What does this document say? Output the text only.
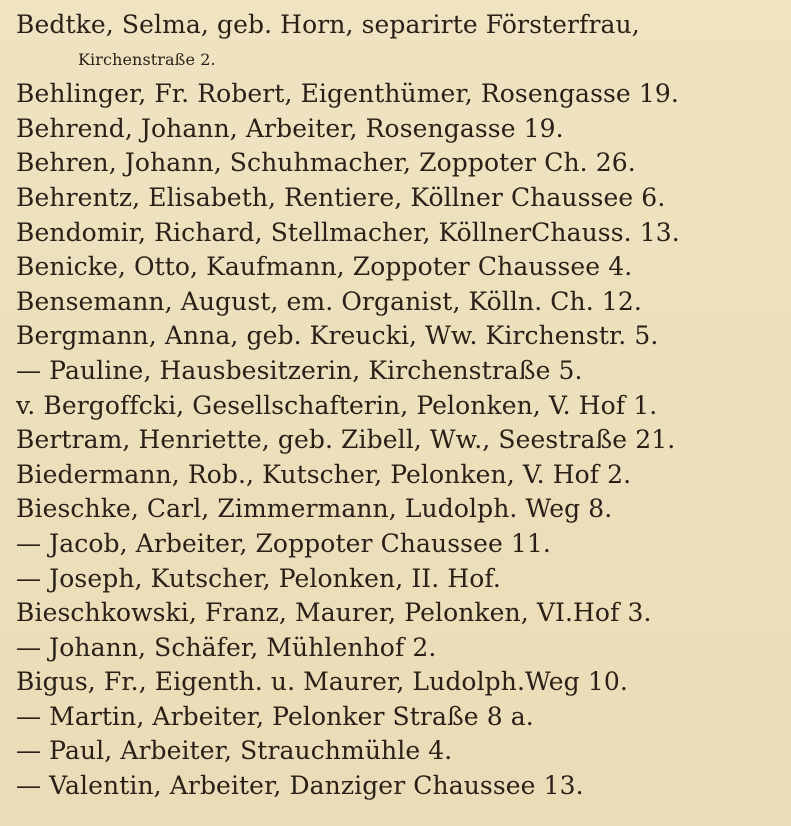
Bedtke, Selma, geb. Horn, separirte Försterfrau,
Kirchenstraße 2.
Behlinger, Fr. Robert, Eigenthümer, Rosengasse 19.
Behrend, Johann, Arbeiter, Rosengasse 19.
Behren, Johann, Schuhmacher, Zoppoter Ch. 26.
Behrentz, Elisabeth, Rentiere, Köllner Chaussee 6.
Bendomir, Richard, Stellmacher, KöllnerChauss. 13.
Benicke, Otto, Kaufmann, Zoppoter Chaussee 4.
Bensemann, August, em. Organist, Kölln. Ch. 12.
Bergmann, Anna, geb. Kreucki, Ww. Kirchenstr. 5.
— Pauline, Hausbesitzerin, Kirchenstraße 5.
v. Bergoffcki, Gesellschafterin, Pelonken, V. Hof 1.
Bertram, Henriette, geb. Zibell, Ww., Seestraße 21.
Biedermann, Rob., Kutscher, Pelonken, V. Hof 2.
Bieschke, Carl, Zimmermann, Ludolph. Weg 8.
— Jacob, Arbeiter, Zoppoter Chaussee 11.
— Joseph, Kutscher, Pelonken, II. Hof.
Bieschkowski, Franz, Maurer, Pelonken, VI.Hof 3.
— Johann, Schäfer, Mühlenhof 2.
Bigus, Fr., Eigenth. u. Maurer, Ludolph.Weg 10.
— Martin, Arbeiter, Pelonker Straße 8 a.
— Paul, Arbeiter, Strauchmühle 4.
— Valentin, Arbeiter, Danziger Chaussee 13.
